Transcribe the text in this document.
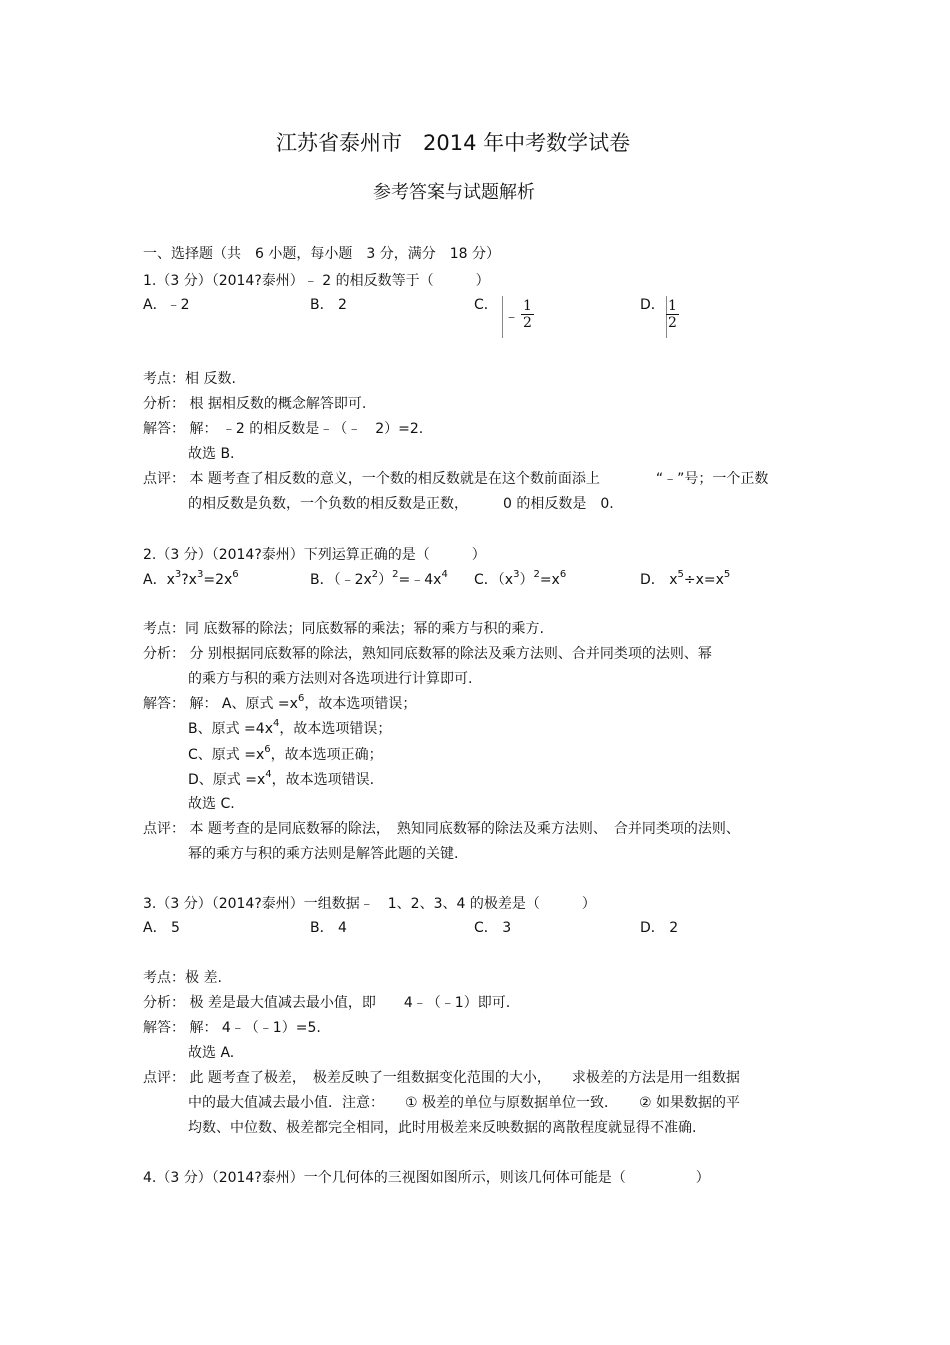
江苏省泰州市　2014 年中考数学试卷
参考答案与试题解析
一、选择题（共　6 小题，每小题　3 分，满分　18 分）
1.（3 分）（2014?泰州）﹣ 2 的相反数等于（　　　）
A．﹣2	B． 2	C．
﹣ $\frac{1}{2}$	D． $\frac{1}{2}$
考点：相 反数.
分析： 根 据相反数的概念解答即可.
解答： 解： ﹣2 的相反数是﹣（﹣　2）=2.
故选 B.
点评： 本 题考查了相反数的意义，一个数的相反数就是在这个数前面添上　　　　“﹣”号；一个正数
的相反数是负数，一个负数的相反数是正数，　　　0 的相反数是　0.
2.（3 分）（2014?泰州）下列运算正确的是（　　　）
A．$x^3?x^3=2x^6$	B．$(﹣2x^2)^2=﹣4x^4$ C．$(x^3)^2=x^6$	D． $x^5\div x=x^5$
考点：同 底数幂的除法；同底数幂的乘法；幂的乘方与积的乘方.
分析： 分 别根据同底数幂的除法，熟知同底数幂的除法及乘方法则、合并同类项的法则、幂
的乘方与积的乘方法则对各选项进行计算即可.
解答： 解： A、原式 $=x^6$，故本选项错误；
B、原式 $=4x^4$，故本选项错误；
C、原式 $=x^6$，故本选项正确；
D、原式 $=x^4$，故本选项错误.
故选 C.
点评： 本 题考查的是同底数幂的除法，　熟知同底数幂的除法及乘方法则、　合并同类项的法则、
幂的乘方与积的乘方法则是解答此题的关键.
3.（3 分）（2014?泰州）一组数据﹣　1、2、3、4 的极差是（　　　）
A． 5	B． 4	C． 3	D． 2
考点：极 差.
分析： 极 差是最大值减去最小值，即　　4﹣（﹣1）即可.
解答： 解： 4﹣（﹣1）=5.
故选 A.
点评： 此 题考查了极差，　极差反映了一组数据变化范围的大小，　　求极差的方法是用一组数据
中的最大值减去最小值．注意：　　① 极差的单位与原数据单位一致．　　② 如果数据的平
均数、中位数、极差都完全相同，此时用极差来反映数据的离散程度就显得不准确.
4.（3 分）（2014?泰州）一个几何体的三视图如图所示，则该几何体可能是（　　　　　）
